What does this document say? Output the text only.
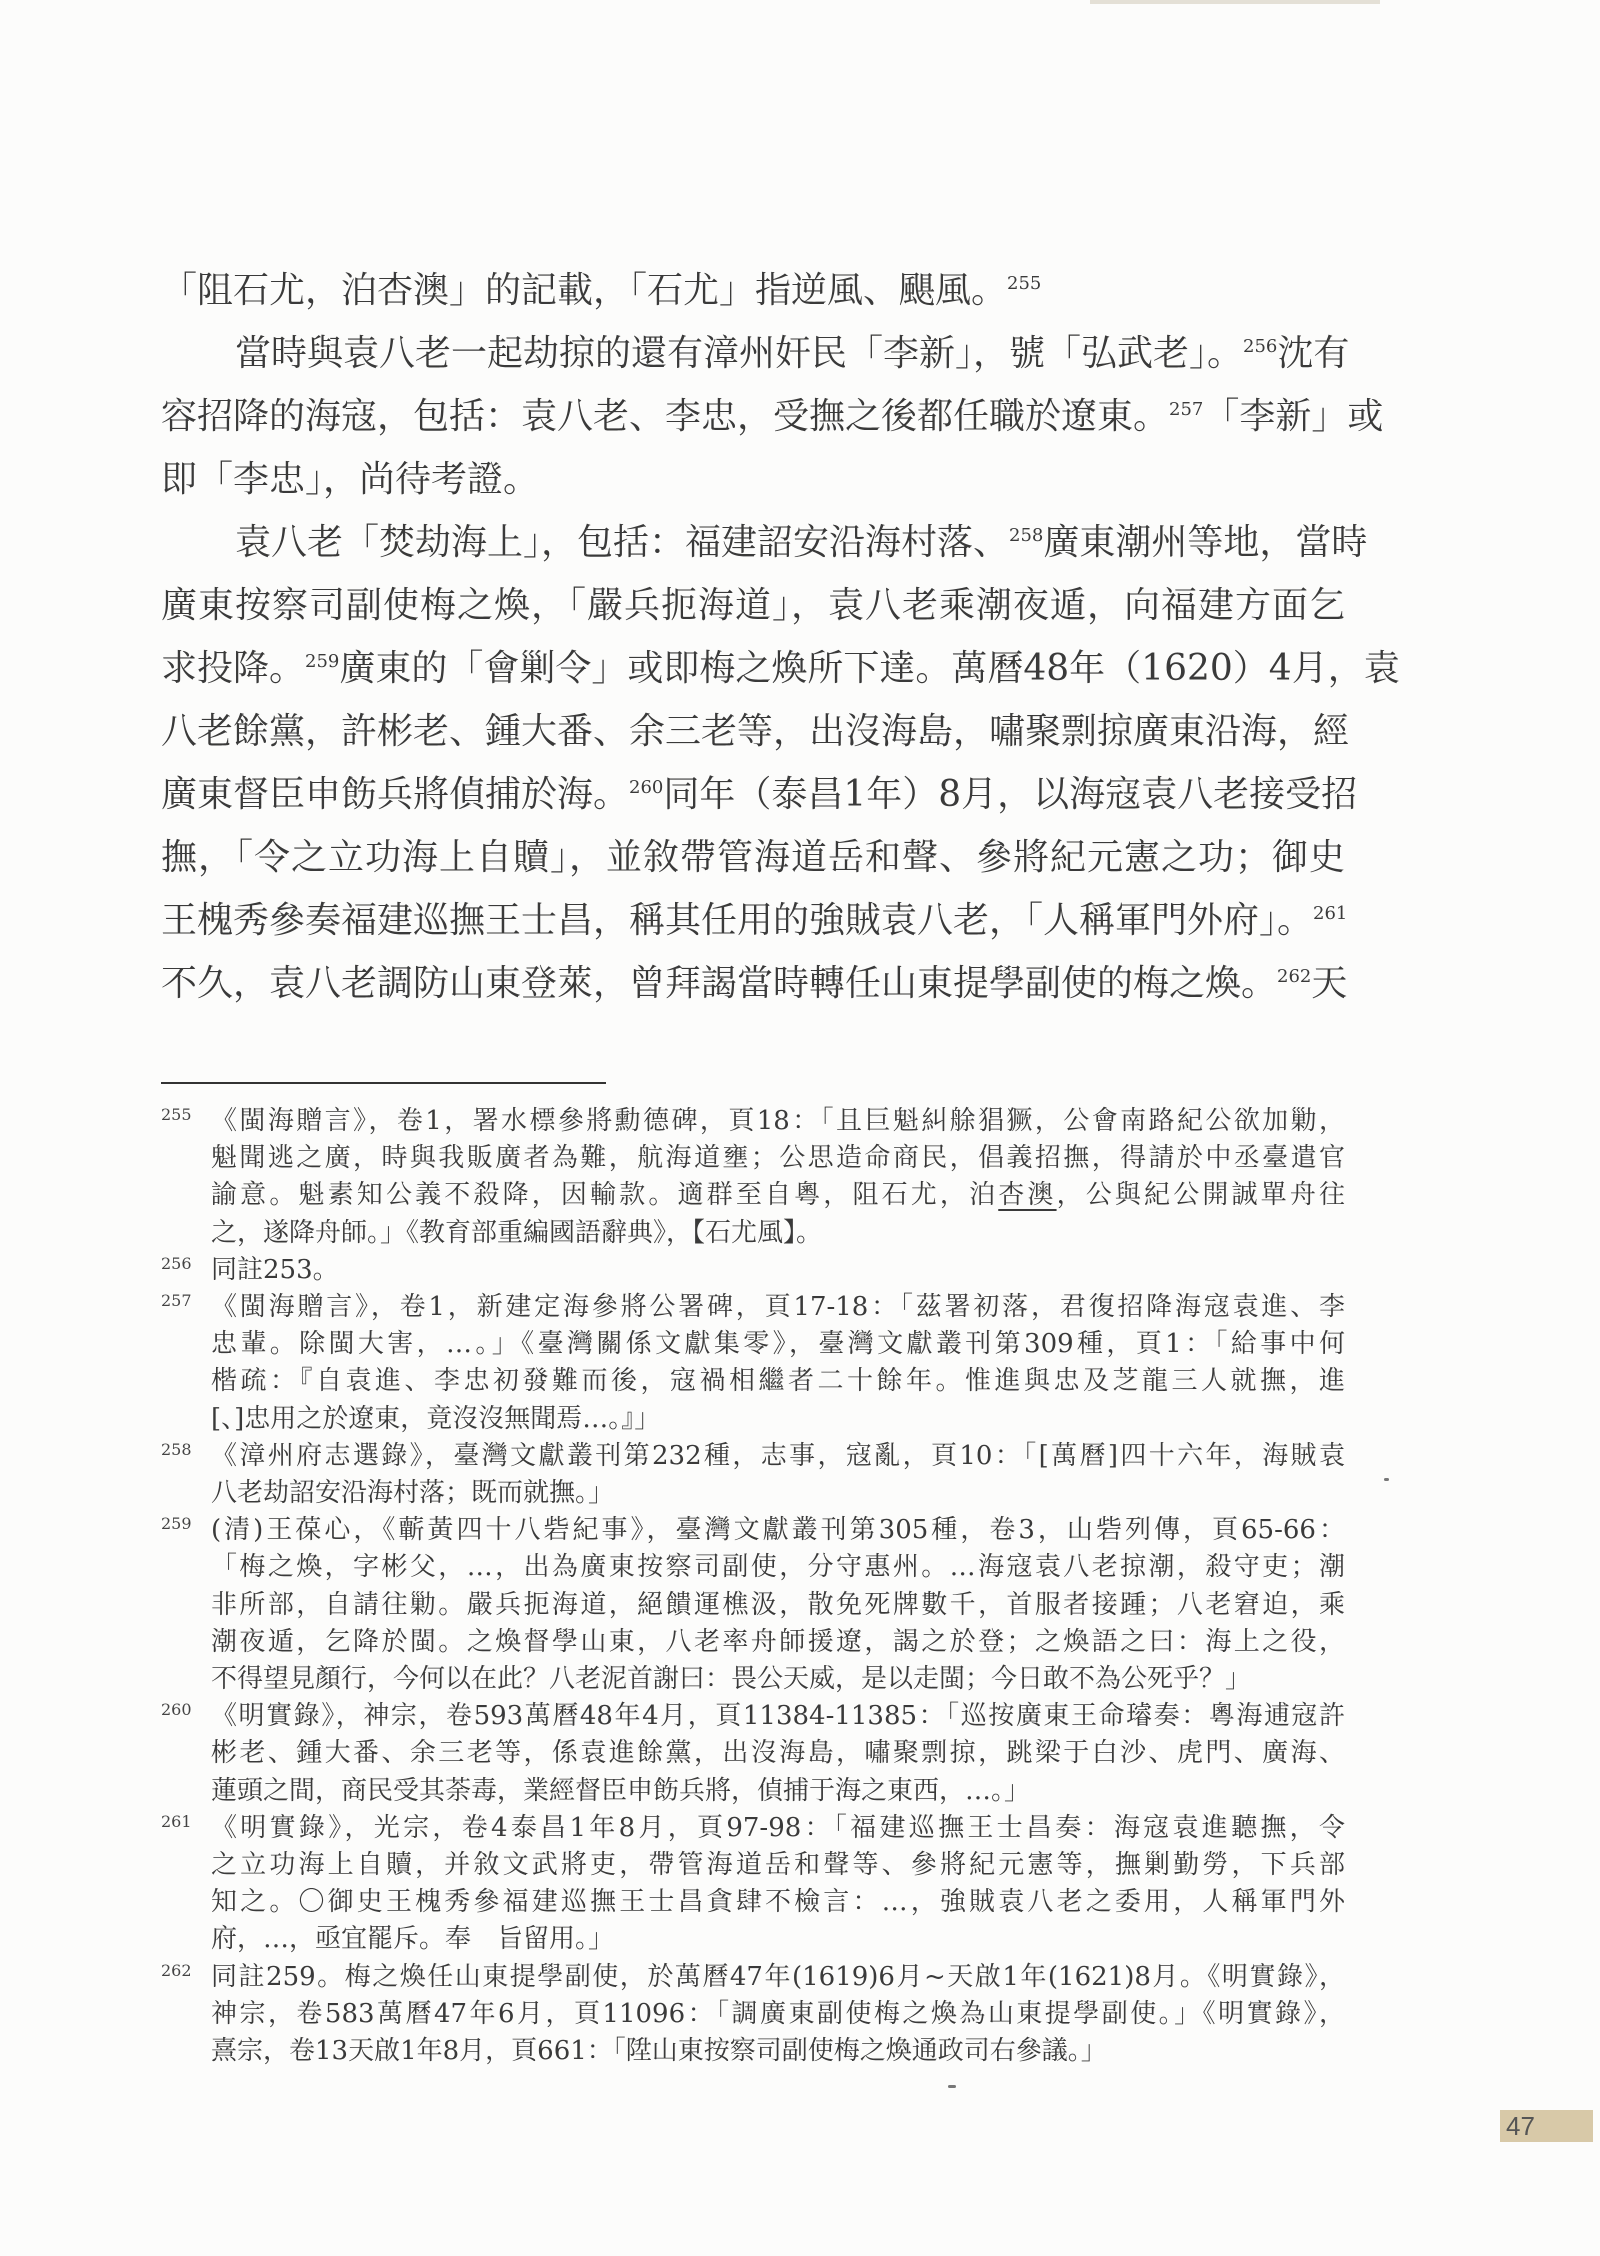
「阻石尤，泊杏澳」的記載，「石尤」指逆風、颶風。$^{255}$
當時與袁八老一起劫掠的還有漳州奸民「李新」，號「弘武老」。$^{256}$沈有
容招降的海寇，包括：袁八老、李忠，受撫之後都任職於遼東。$^{257}$「李新」或
即「李忠」，尚待考證。
袁八老「焚劫海上」，包括：福建詔安沿海村落、$^{258}$廣東潮州等地，當時
廣東按察司副使梅之煥，「嚴兵扼海道」，袁八老乘潮夜遁，向福建方面乞
求投降。$^{259}$廣東的「會剿令」或即梅之煥所下達。萬曆48年（1620）4月，袁
八老餘黨，許彬老、鍾大番、余三老等，出沒海島，嘯聚剽掠廣東沿海，經
廣東督臣申飭兵將偵捕於海。$^{260}$同年（泰昌1年）8月，以海寇袁八老接受招
撫，「令之立功海上自贖」，並敘帶管海道岳和聲、參將紀元憲之功；御史
王槐秀參奏福建巡撫王士昌，稱其任用的強賊袁八老，「人稱軍門外府」。$^{261}$
不久，袁八老調防山東登萊，曾拜謁當時轉任山東提學副使的梅之煥。$^{262}$天
255 《閩海贈言》，卷1，署水標參將勳德碑，頁18：「且巨魁糾艅猖獗，公會南路紀公欲加勦，
魁聞逃之廣，時與我販廣者為難，航海道壅；公思造命商民，倡義招撫，得請於中丞臺遣官
諭意。魁素知公義不殺降，因輸款。適群至自粵，阻石尤，泊杏澳，公與紀公開誠單舟往
之，遂降舟師。」《教育部重編國語辭典》，【石尤風】。
256 同註253。
257 《閩海贈言》，卷1，新建定海參將公署碑，頁17-18：「茲署初落，君復招降海寇袁進、李
忠輩。除閩大害，…。」《臺灣關係文獻集零》，臺灣文獻叢刊第309種，頁1：「給事中何
楷疏：『自袁進、李忠初發難而後，寇禍相繼者二十餘年。惟進與忠及芝龍三人就撫，進
[、]忠用之於遼東，竟沒沒無聞焉…。』」
258 《漳州府志選錄》，臺灣文獻叢刊第232種，志事，寇亂，頁10：「[萬曆]四十六年，海賊袁
八老劫詔安沿海村落；既而就撫。」
259 (清)王葆心，《蘄黃四十八砦紀事》，臺灣文獻叢刊第305種，卷3，山砦列傳，頁65-66：
「梅之煥，字彬父，…，出為廣東按察司副使，分守惠州。…海寇袁八老掠潮，殺守吏；潮
非所部，自請往勦。嚴兵扼海道，絕饋運樵汲，散免死牌數千，首服者接踵；八老窘迫，乘
潮夜遁，乞降於閩。之煥督學山東，八老率舟師援遼，謁之於登；之煥語之曰：海上之役，
不得望見顏行，今何以在此？八老泥首謝曰：畏公天威，是以走閩；今日敢不為公死乎？」
260 《明實錄》，神宗，卷593萬曆48年4月，頁11384-11385：「巡按廣東王命璿奏：粵海逋寇許
彬老、鍾大番、余三老等，係袁進餘黨，出沒海島，嘯聚剽掠，跳梁于白沙、虎門、廣海、
蓮頭之間，商民受其荼毒，業經督臣申飭兵將，偵捕于海之東西，…。」
261 《明實錄》，光宗，卷4泰昌1年8月，頁97-98：「福建巡撫王士昌奏：海寇袁進聽撫，令
之立功海上自贖，并敘文武將吏，帶管海道岳和聲等、參將紀元憲等，撫剿勤勞，下兵部
知之。〇御史王槐秀參福建巡撫王士昌貪肆不檢言：…，強賊袁八老之委用，人稱軍門外
府，…，亟宜罷斥。奉　旨留用。」
262 同註259。梅之煥任山東提學副使，於萬曆47年(1619)6月~天啟1年(1621)8月。《明實錄》，
神宗，卷583萬曆47年6月，頁11096：「調廣東副使梅之煥為山東提學副使。」《明實錄》，
熹宗，卷13天啟1年8月，頁661：「陞山東按察司副使梅之煥通政司右參議。」
47
